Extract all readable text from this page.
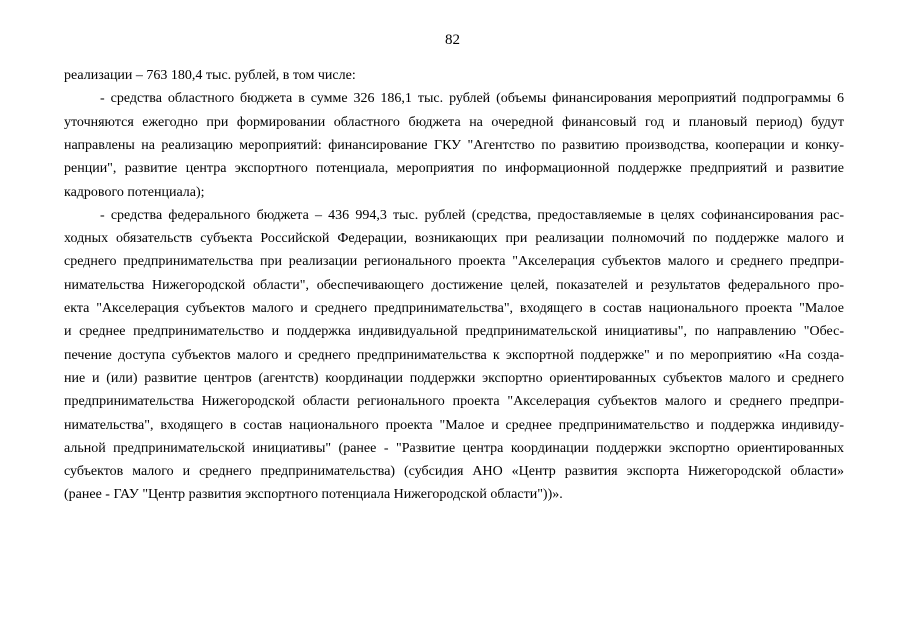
82
реализации – 763 180,4 тыс. рублей, в том числе:
- средства областного бюджета в сумме 326 186,1 тыс. рублей (объемы финансирования мероприятий подпрограммы 6
уточняются ежегодно при формировании областного бюджета на очередной финансовый год и плановый период) будут
направлены на реализацию мероприятий: финансирование ГКУ "Агентство по развитию производства, кооперации и конку-
ренции", развитие центра экспортного потенциала, мероприятия по информационной поддержке предприятий и развитие
кадрового потенциала);
- средства федерального бюджета – 436 994,3 тыс. рублей (средства, предоставляемые в целях софинансирования рас-
ходных обязательств субъекта Российской Федерации, возникающих при реализации полномочий по поддержке малого и
среднего предпринимательства при реализации регионального проекта "Акселерация субъектов малого и среднего предпри-
нимательства Нижегородской области", обеспечивающего достижение целей, показателей и результатов федерального про-
екта "Акселерация субъектов малого и среднего предпринимательства", входящего в состав национального проекта "Малое
и среднее предпринимательство и поддержка индивидуальной предпринимательской инициативы", по направлению "Обес-
печение доступа субъектов малого и среднего предпринимательства к экспортной поддержке" и по мероприятию «На созда-
ние и (или) развитие центров (агентств) координации поддержки экспортно ориентированных субъектов малого и среднего
предпринимательства Нижегородской области регионального проекта "Акселерация субъектов малого и среднего предпри-
нимательства", входящего в состав национального проекта "Малое и среднее предпринимательство и поддержка индивиду-
альной предпринимательской инициативы" (ранее - "Развитие центра координации поддержки экспортно ориентированных
субъектов малого и среднего предпринимательства) (субсидия АНО «Центр развития экспорта Нижегородской области»
(ранее - ГАУ "Центр развития экспортного потенциала Нижегородской области"))».
